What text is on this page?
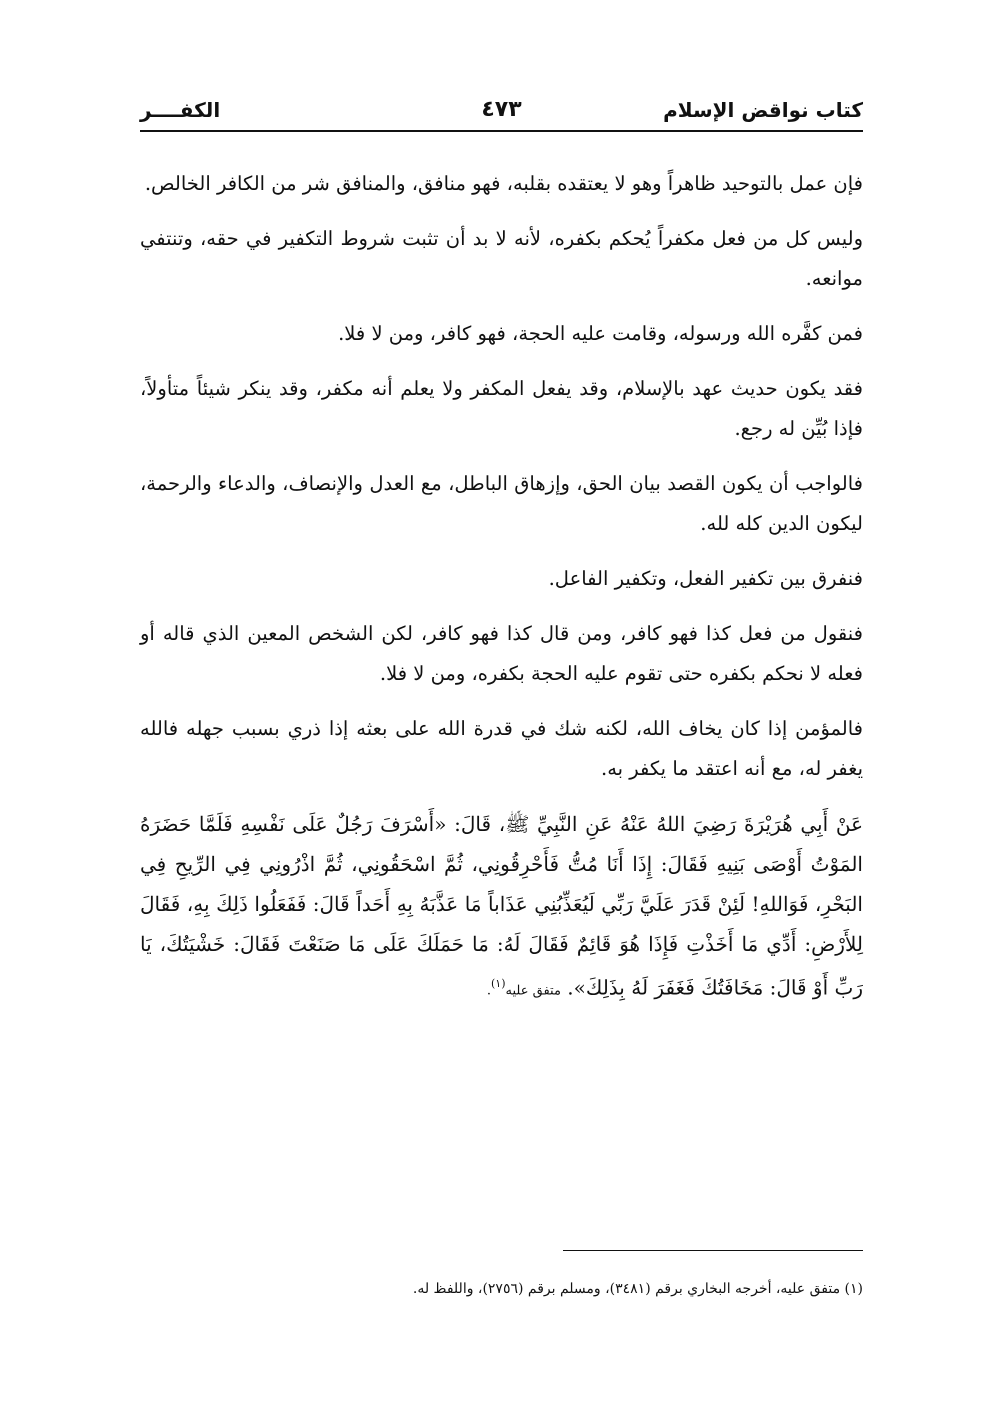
كتاب نواقض الإسلام
٤٧٣
الكفــــر

فإن عمل بالتوحيد ظاهراً وهو لا يعتقده بقلبه، فهو منافق، والمنافق شر من الكافر الخالص.

وليس كل من فعل مكفراً يُحكم بكفره، لأنه لا بد أن تثبت شروط التكفير في حقه، وتنتفي موانعه.

فمن كفَّره الله ورسوله، وقامت عليه الحجة، فهو كافر، ومن لا فلا.

فقد يكون حديث عهد بالإسلام، وقد يفعل المكفر ولا يعلم أنه مكفر، وقد ينكر شيئاً متأولاً، فإذا بُيِّن له رجع.

فالواجب أن يكون القصد بيان الحق، وإزهاق الباطل، مع العدل والإنصاف، والدعاء والرحمة، ليكون الدين كله لله.

فنفرق بين تكفير الفعل، وتكفير الفاعل.

فنقول من فعل كذا فهو كافر، ومن قال كذا فهو كافر، لكن الشخص المعين الذي قاله أو فعله لا نحكم بكفره حتى تقوم عليه الحجة بكفره، ومن لا فلا.

فالمؤمن إذا كان يخاف الله، لكنه شك في قدرة الله على بعثه إذا ذري بسبب جهله فالله يغفر له، مع أنه اعتقد ما يكفر به.

عَنْ أَبِي هُرَيْرَةَ رَضِيَ اللهُ عَنْهُ عَنِ النَّبِيِّ ﷺ، قَالَ: «أَسْرَفَ رَجُلٌ عَلَى نَفْسِهِ فَلَمَّا حَضَرَهُ المَوْتُ أَوْصَى بَنِيهِ فَقَالَ: إِذَا أَنَا مُتُّ فَأَحْرِقُونِي، ثُمَّ اسْحَقُونِي، ثُمَّ اذْرُونِي فِي الرِّيحِ فِي البَحْرِ، فَوَاللهِ! لَئِنْ قَدَرَ عَلَيَّ رَبِّي لَيُعَذِّبُنِي عَذَاباً مَا عَذَّبَهُ بِهِ أَحَداً قَالَ: فَفَعَلُوا ذَلِكَ بِهِ، فَقَالَ لِلأَرْضِ: أَدِّي مَا أَخَذْتِ فَإِذَا هُوَ قَائِمٌ فَقَالَ لَهُ: مَا حَمَلَكَ عَلَى مَا صَنَعْتَ فَقَالَ: خَشْيَتُكَ، يَا رَبِّ أَوْ قَالَ: مَخَافَتُكَ فَغَفَرَ لَهُ بِذَلِكَ». متفق عليه$^{(١)}$.

(١) متفق عليه، أخرجه البخاري برقم (٣٤٨١)، ومسلم برقم (٢٧٥٦)، واللفظ له.
